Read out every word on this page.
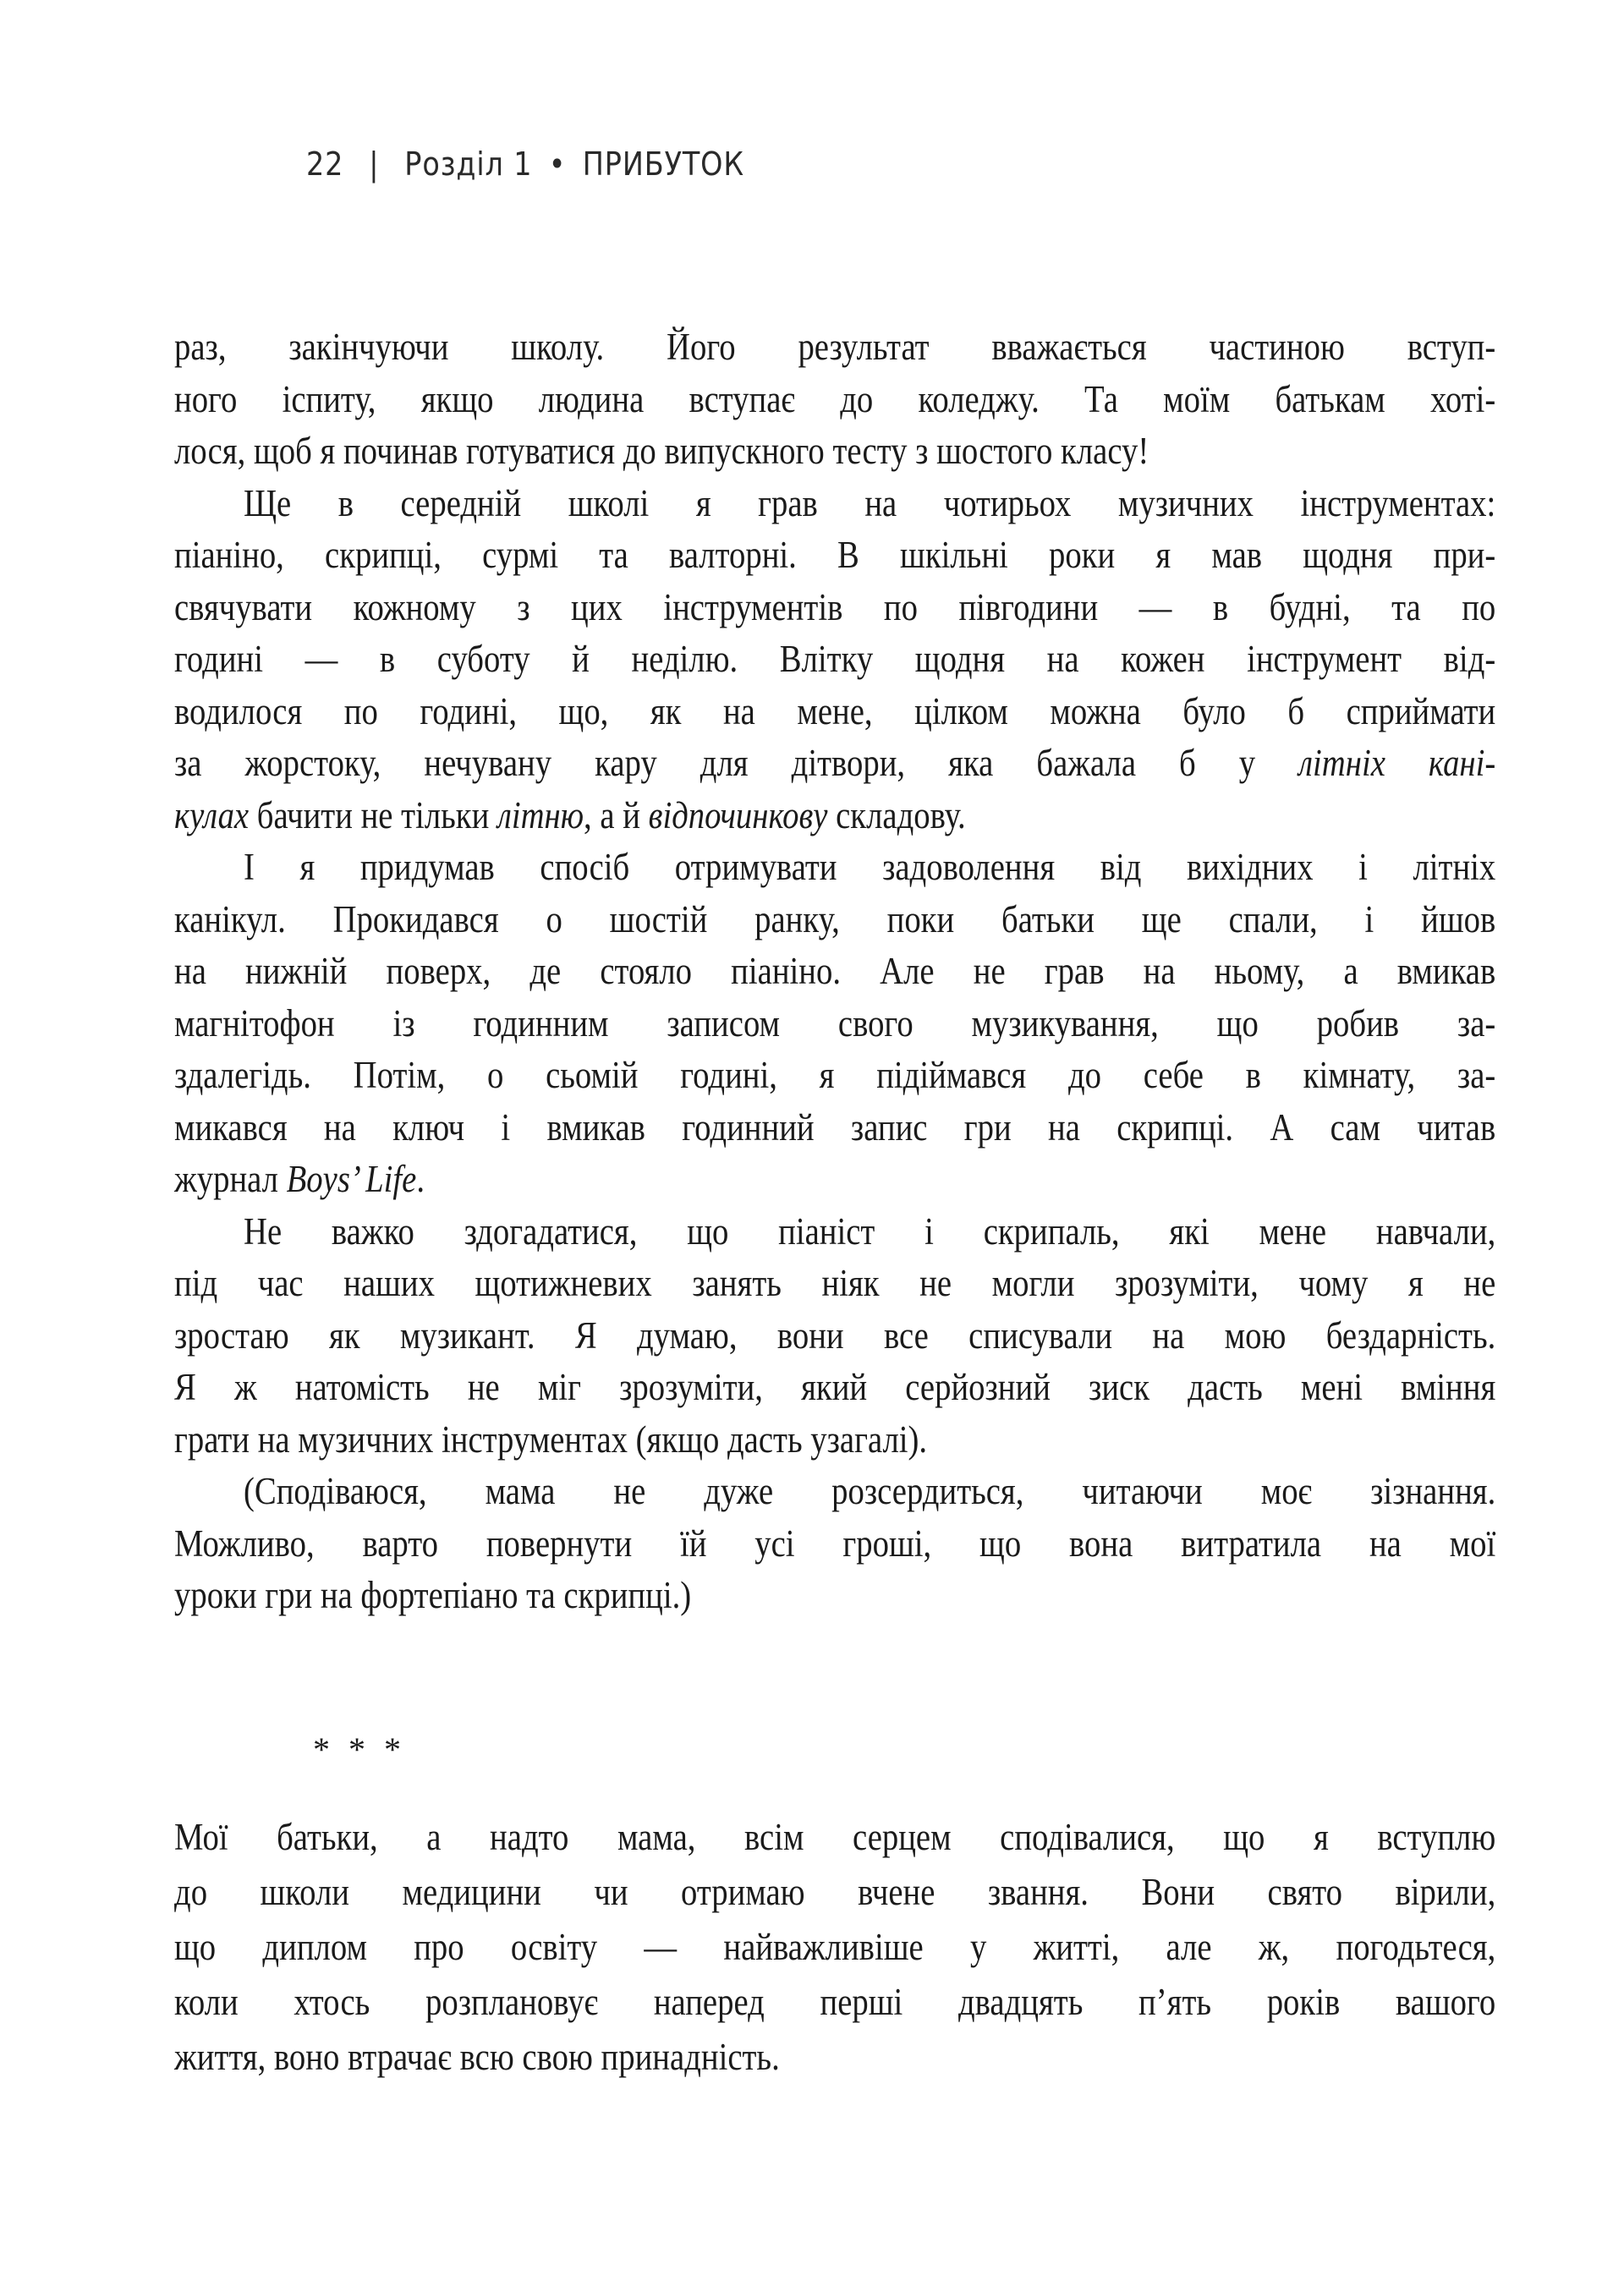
22 | Розділ 1 • ПРИБУТОК
раз, закінчуючи школу. Його результат вважається частиною вступ-
ного іспиту, якщо людина вступає до коледжу. Та моїм батькам хоті-
лося, щоб я починав готуватися до випускного тесту з шостого класу!
Ще в середній школі я грав на чотирьох музичних інструментах:
піаніно, скрипці, сурмі та валторні. В шкільні роки я мав щодня при-
свячувати кожному з цих інструментів по півгодини — в будні, та по
годині — в суботу й неділю. Влітку щодня на кожен інструмент від-
водилося по годині, що, як на мене, цілком можна було б сприймати
за жорстоку, нечувану кару для дітвори, яка бажала б у літніх кані-
кулах бачити не тільки літню, а й відпочинкову складову.
І я придумав спосіб отримувати задоволення від вихідних і літніх
канікул. Прокидався о шостій ранку, поки батьки ще спали, і йшов
на нижній поверх, де стояло піаніно. Але не грав на ньому, а вмикав
магнітофон із годинним записом свого музикування, що робив за-
здалегідь. Потім, о сьомій годині, я підіймався до себе в кімнату, за-
микався на ключ і вмикав годинний запис гри на скрипці. А сам читав
журнал Boys’ Life.
Не важко здогадатися, що піаніст і скрипаль, які мене навчали,
під час наших щотижневих занять ніяк не могли зрозуміти, чому я не
зростаю як музикант. Я думаю, вони все списували на мою бездарність.
Я ж натомість не міг зрозуміти, який серйозний зиск дасть мені вміння
грати на музичних інструментах (якщо дасть узагалі).
(Сподіваюся, мама не дуже розсердиться, читаючи моє зізнання.
Можливо, варто повернути їй усі гроші, що вона витратила на мої
уроки гри на фортепіано та скрипці.)
* * *
Мої батьки, а надто мама, всім серцем сподівалися, що я вступлю
до школи медицини чи отримаю вчене звання. Вони свято вірили,
що диплом про освіту — найважливіше у житті, але ж, погодьтеся,
коли хтось розплановує наперед перші двадцять п’ять років вашого
життя, воно втрачає всю свою принадність.
